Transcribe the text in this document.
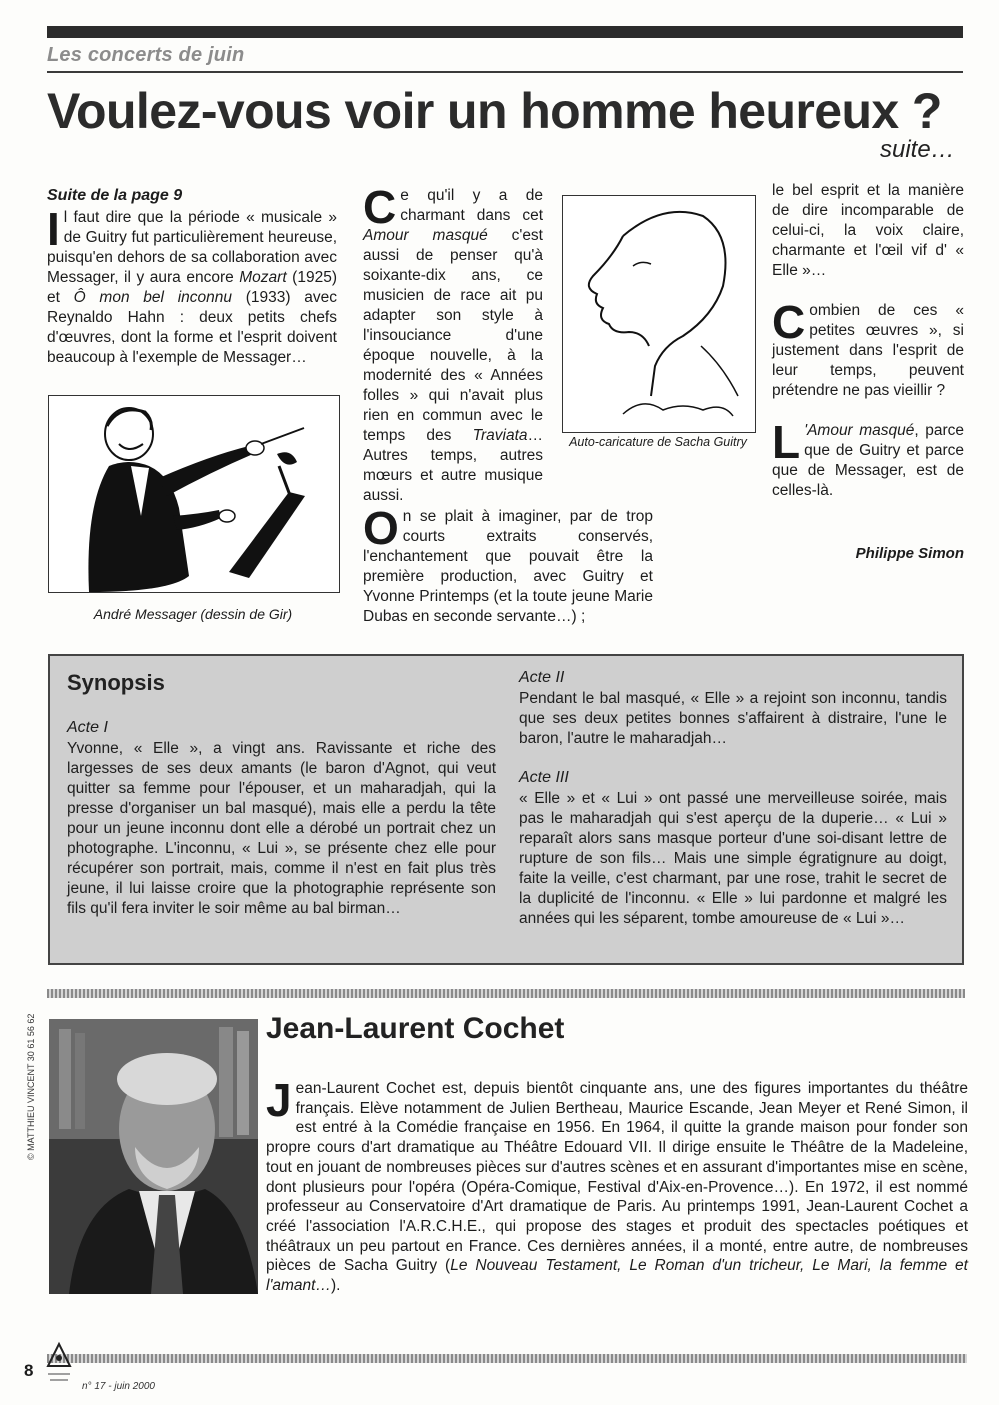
Les concerts de juin
Voulez-vous voir un homme heureux ?
suite…
Suite de la page 9

Il faut dire que la période « musicale » de Guitry fut particulièrement heureuse, puisqu'en dehors de sa collaboration avec Messager, il y aura encore Mozart (1925) et Ô mon bel inconnu (1933) avec Reynaldo Hahn : deux petits chefs d'œuvres, dont la forme et l'esprit doivent beaucoup à l'exemple de Messager…

André Messager (dessin de Gir)

Ce qu'il y a de charmant dans cet Amour masqué c'est aussi de penser qu'à soixante-dix ans, ce musicien de race ait pu adapter son style à l'insouciance d'une époque nouvelle, à la modernité des « Années folles » qui n'avait plus rien en commun avec le temps des Traviata… Autres temps, autres mœurs et autre musique aussi.

On se plait à imaginer, par de trop courts extraits conservés, l'enchantement que pouvait être la première production, avec Guitry et Yvonne Printemps (et la toute jeune Marie Dubas en seconde servante…) ;

Auto-caricature de Sacha Guitry

le bel esprit et la manière de dire incomparable de celui-ci, la voix claire, charmante et l'œil vif d' « Elle »…

Combien de ces « petites œuvres », si justement dans l'esprit de leur temps, peuvent prétendre ne pas vieillir ?

L 'Amour masqué, parce que de Guitry et parce que de Messager, est de celles-là.

Philippe Simon
Synopsis
Acte I
Yvonne, « Elle », a vingt ans. Ravissante et riche des largesses de ses deux amants (le baron d'Agnot, qui veut quitter sa femme pour l'épouser, et un maharadjah, qui la presse d'organiser un bal masqué), mais elle a perdu la tête pour un jeune inconnu dont elle a dérobé un portrait chez un photographe. L'inconnu, « Lui », se présente chez elle pour récupérer son portrait, mais, comme il n'est en fait plus très jeune, il lui laisse croire que la photographie représente son fils qu'il fera inviter le soir même au bal birman…
Acte II
Pendant le bal masqué, « Elle » a rejoint son inconnu, tandis que ses deux petites bonnes s'affairent à distraire, l'une le baron, l'autre le maharadjah…
Acte III
« Elle » et « Lui » ont passé une merveilleuse soirée, mais pas le maharadjah qui s'est aperçu de la duperie… « Lui » reparaît alors sans masque porteur d'une soi-disant lettre de rupture de son fils… Mais une simple égratignure au doigt, faite la veille, c'est charmant, par une rose, trahit le secret de la duplicité de l'inconnu. « Elle » lui pardonne et malgré les années qui les séparent, tombe amoureuse de « Lui »…
© MATTHIEU VINCENT 30 61 56 62	Jean-Laurent Cochet
Jean-Laurent Cochet est, depuis bientôt cinquante ans, une des figures importantes du théâtre français. Elève notamment de Julien Bertheau, Maurice Escande, Jean Meyer et René Simon, il est entré à la Comédie française en 1956. En 1964, il quitte la grande maison pour fonder son propre cours d'art dramatique au Théâtre Edouard VII. Il dirige ensuite le Théâtre de la Madeleine, tout en jouant de nombreuses pièces sur d'autres scènes et en assurant d'importantes mise en scène, dont plusieurs pour l'opéra (Opéra-Comique, Festival d'Aix-en-Provence…). En 1972, il est nommé professeur au Conservatoire d'Art dramatique de Paris. Au printemps 1991, Jean-Laurent Cochet a créé l'association l'A.R.C.H.E., qui propose des stages et produit des spectacles poétiques et théâtraux un peu partout en France. Ces dernières années, il a monté, entre autre, de nombreuses pièces de Sacha Guitry (Le Nouveau Testament, Le Roman d'un tricheur, Le Mari, la femme et l'amant…).
8
n° 17 - juin 2000
